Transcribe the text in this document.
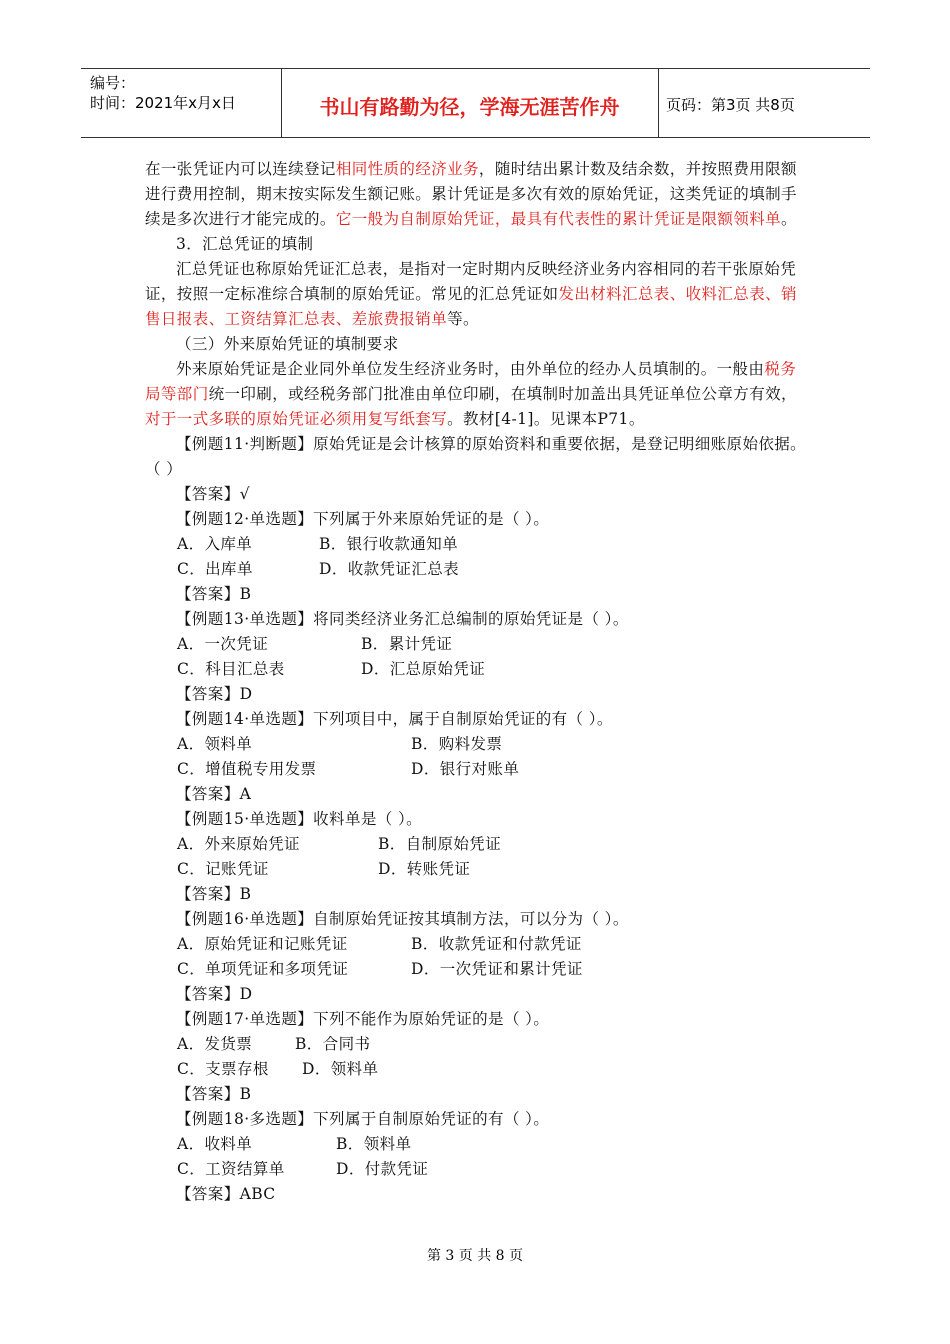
编号：
时间：2021年x月x日	书山有路勤为径，学海无涯苦作舟	页码：第3页 共8页

在一张凭证内可以连续登记相同性质的经济业务，随时结出累计数及结余数，并按照费用限额进行费用控制，期末按实际发生额记账。累计凭证是多次有效的原始凭证，这类凭证的填制手续是多次进行才能完成的。它一般为自制原始凭证，最具有代表性的累计凭证是限额领料单。

3．汇总凭证的填制

汇总凭证也称原始凭证汇总表，是指对一定时期内反映经济业务内容相同的若干张原始凭证，按照一定标准综合填制的原始凭证。常见的汇总凭证如发出材料汇总表、收料汇总表、销售日报表、工资结算汇总表、差旅费报销单等。

（三）外来原始凭证的填制要求

外来原始凭证是企业同外单位发生经济业务时，由外单位的经办人员填制的。一般由税务局等部门统一印刷，或经税务部门批准由单位印刷，在填制时加盖出具凭证单位公章方有效，对于一式多联的原始凭证必须用复写纸套写。教材[4-1]。见课本P71。

【例题11·判断题】原始凭证是会计核算的原始资料和重要依据，是登记明细账原始依据。（ ）

【答案】√

【例题12·单选题】下列属于外来原始凭证的是（ ）。

A．入库单	B．银行收款通知单

C．出库单	D．收款凭证汇总表

【答案】B

【例题13·单选题】将同类经济业务汇总编制的原始凭证是（ ）。

A．一次凭证	B．累计凭证

C．科目汇总表	D．汇总原始凭证

【答案】D

【例题14·单选题】下列项目中，属于自制原始凭证的有（ ）。

A．领料单	B．购料发票

C．增值税专用发票	D．银行对账单

【答案】A

【例题15·单选题】收料单是（ ）。

A．外来原始凭证	B．自制原始凭证

C．记账凭证	D．转账凭证

【答案】B

【例题16·单选题】自制原始凭证按其填制方法，可以分为（ ）。

A．原始凭证和记账凭证	B．收款凭证和付款凭证

C．单项凭证和多项凭证	D．一次凭证和累计凭证

【答案】D

【例题17·单选题】下列不能作为原始凭证的是（ ）。

A．发货票	B．合同书

C．支票存根 D．领料单

【答案】B

【例题18·多选题】下列属于自制原始凭证的有（ ）。

A．收料单	B．领料单

C．工资结算单	D．付款凭证

【答案】ABC

第 3 页 共 8 页
